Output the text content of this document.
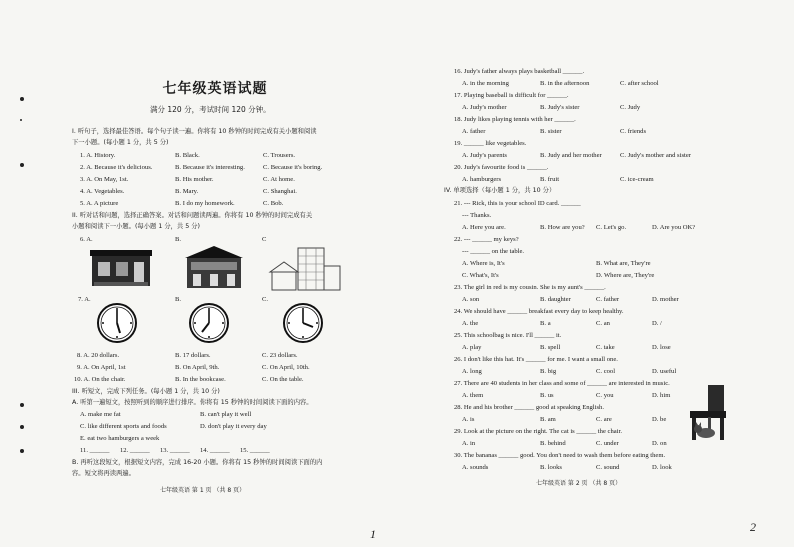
七年级英语试题
满分 120 分，考试时间 120 分钟。
I. 听句子，选择最佳答语。每个句子读一遍。你将有 10 秒钟的时间完成有关小题和阅读
下一小题。(每小题 1 分，共 5 分)
1. A. History.	B. Black.	C. Trousers.
2. A. Because it's delicious.	B. Because it's interesting.	C. Because it's boring.
3. A. On May, 1st.	B. His mother.	C. At home.
4. A. Vegetables.	B. Mary.	C. Shanghai.
5. A. A picture	B. I do my homework.	C. Bob.
II. 听对话和问题，选择正确答案。对话和问题读两遍。你将有 10 秒钟的时间完成有关
小题和阅读下一小题。(每小题 1 分，共 5 分)
6. A.	B.	C
7. A.	B.	C.
8. A. 20 dollars.	B. 17 dollars.	C. 23 dollars.
9. A. On April, 1st	B. On April, 9th.	C. On April, 10th.
10. A. On the chair.	B. In the bookcase.	C. On the table.
III. 听短文，完成下列任务。(每小题 1 分，共 10 分)
A. 听第一遍短文，按照听到的顺序进行排序。你将有 15 秒钟的时间阅读下面的内容。
A. make me fat	B. can't play it well
C. like different sports and foods	D. don't play it every day
E. eat two hamburgers a week
11. ______ 12. ______ 13. ______ 14. ______ 15. ______
B. 再听这段短文，根据短文内容，完成 16-20 小题。你将有 15 秒钟的时间阅读下面的内
容。短文将再读两遍。
七年级英语 第 1 页 （共 8 页）
1
16. Judy's father always plays basketball ______.
A. in the morning	B. in the afternoon	C. after school
17. Playing baseball is difficult for ______.
A. Judy's mother	B. Judy's sister	C. Judy
18. Judy likes playing tennis with her ______.
A. father	B. sister	C. friends
19. ______ like vegetables.
A. Judy's parents	B. Judy and her mother	C. Judy's mother and sister
20. Judy's favourite food is ______.
A. hamburgers	B. fruit	C. ice-cream
IV. 单项选择（每小题 1 分，共 10 分）
21. --- Rick, this is your school ID card. ______
--- Thanks.
A. Here you are.	B. How are you? C. Let's go.	D. Are you OK?
22. --- ______ my keys?
--- ______ on the table.
A. Where is, It's	B. What are, They're
C. What's, It's	D. Where are, They're
23. The girl in red is my cousin. She is my aunt's ______.
A. son	B. daughter	C. father	D. mother
24. We should have ______ breakfast every day to keep healthy.
A. the	B. a	C. an	D. /
25. This schoolbag is nice. I'll ______ it.
A. play	B. spell	C. take	D. lose
26. I don't like this hat. It's ______ for me. I want a small one.
A. long	B. big	C. cool	D. useful
27. There are 40 students in her class and some of ______ are interested in music.
A. them	B. us	C. you	D. him
28. He and his brother ______ good at speaking English.
A. is	B. am	C. are	D. be
29. Look at the picture on the right. The cat is ______ the chair.
A. in	B. behind	C. under	D. on
30. The bananas ______ good. You don't need to wash them before eating them.
A. sounds	B. looks	C. sound	D. look
七年级英语 第 2 页 （共 8 页）
2
